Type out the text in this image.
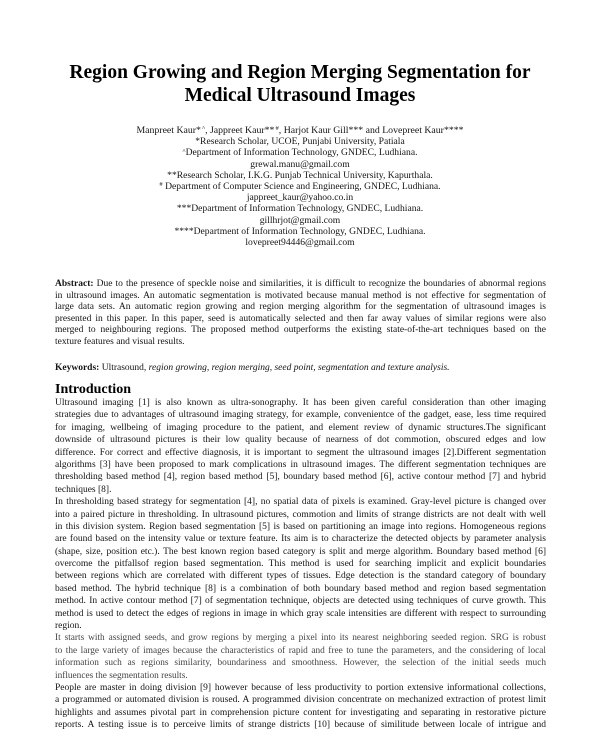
Region Growing and Region Merging Segmentation for
Medical Ultrasound Images
Manpreet Kaur*^, Jappreet Kaur**#, Harjot Kaur Gill*** and Lovepreet Kaur****
*Research Scholar, UCOE, Punjabi University, Patiala
^Department of Information Technology, GNDEC, Ludhiana.
grewal.manu@gmail.com
**Research Scholar, I.K.G. Punjab Technical University, Kapurthala.
# Department of Computer Science and Engineering, GNDEC, Ludhiana.
jappreet_kaur@yahoo.co.in
***Department of Information Technology, GNDEC, Ludhiana.
gillhrjot@gmail.com
****Department of Information Technology, GNDEC, Ludhiana.
lovepreet94446@gmail.com
Abstract: Due to the presence of speckle noise and similarities, it is difficult to recognize the boundaries of abnormal regions
in ultrasound images. An automatic segmentation is motivated because manual method is not effective for segmentation of
large data sets. An automatic region growing and region merging algorithm for the segmentation of ultrasound images is
presented in this paper. In this paper, seed is automatically selected and then far away values of similar regions were also
merged to neighbouring regions. The proposed method outperforms the existing state-of-the-art techniques based on the
texture features and visual results.
Keywords: Ultrasound, region growing, region merging, seed point, segmentation and texture analysis.
Introduction
Ultrasound imaging [1] is also known as ultra-sonography. It has been given careful consideration than other imaging
strategies due to advantages of ultrasound imaging strategy, for example, convenientce of the gadget, ease, less time required
for imaging, wellbeing of imaging procedure to the patient, and element review of dynamic structures.The significant
downside of ultrasound pictures is their low quality because of nearness of dot commotion, obscured edges and low
difference. For correct and effective diagnosis, it is important to segment the ultrasound images [2].Different segmentation
algorithms [3] have been proposed to mark complications in ultrasound images. The different segmentation techniques are
thresholding based method [4], region based method [5], boundary based method [6], active contour method [7] and hybrid
techniques [8].
In thresholding based strategy for segmentation [4], no spatial data of pixels is examined. Gray-level picture is changed over
into a paired picture in thresholding. In ultrasound pictures, commotion and limits of strange districts are not dealt with well
in this division system. Region based segmentation [5] is based on partitioning an image into regions. Homogeneous regions
are found based on the intensity value or texture feature. Its aim is to characterize the detected objects by parameter analysis
(shape, size, position etc.). The best known region based category is split and merge algorithm. Boundary based method [6]
overcome the pitfallsof region based segmentation. This method is used for searching implicit and explicit boundaries
between regions which are correlated with different types of tissues. Edge detection is the standard category of boundary
based method. The hybrid technique [8] is a combination of both boundary based method and region based segmentation
method. In active contour method [7] of segmentation technique, objects are detected using techniques of curve growth. This
method is used to detect the edges of regions in image in which gray scale intensities are different with respect to surrounding
region.
It starts with assigned seeds, and grow regions by merging a pixel into its nearest neighboring seeded region. SRG is robust
to the large variety of images because the characteristics of rapid and free to tune the parameters, and the considering of local
information such as regions similarity, boundariness and smoothness. However, the selection of the initial seeds much
influences the segmentation results.
People are master in doing division [9] however because of less productivity to portion extensive informational collections,
a programmed or automated division is roused. A programmed division concentrate on mechanized extraction of protest limit
highlights and assumes pivotal part in comprehension picture content for investigating and separating in restorative picture
reports. A testing issue is to perceive limits of strange districts [10] because of similitude between locale of intrigue and
